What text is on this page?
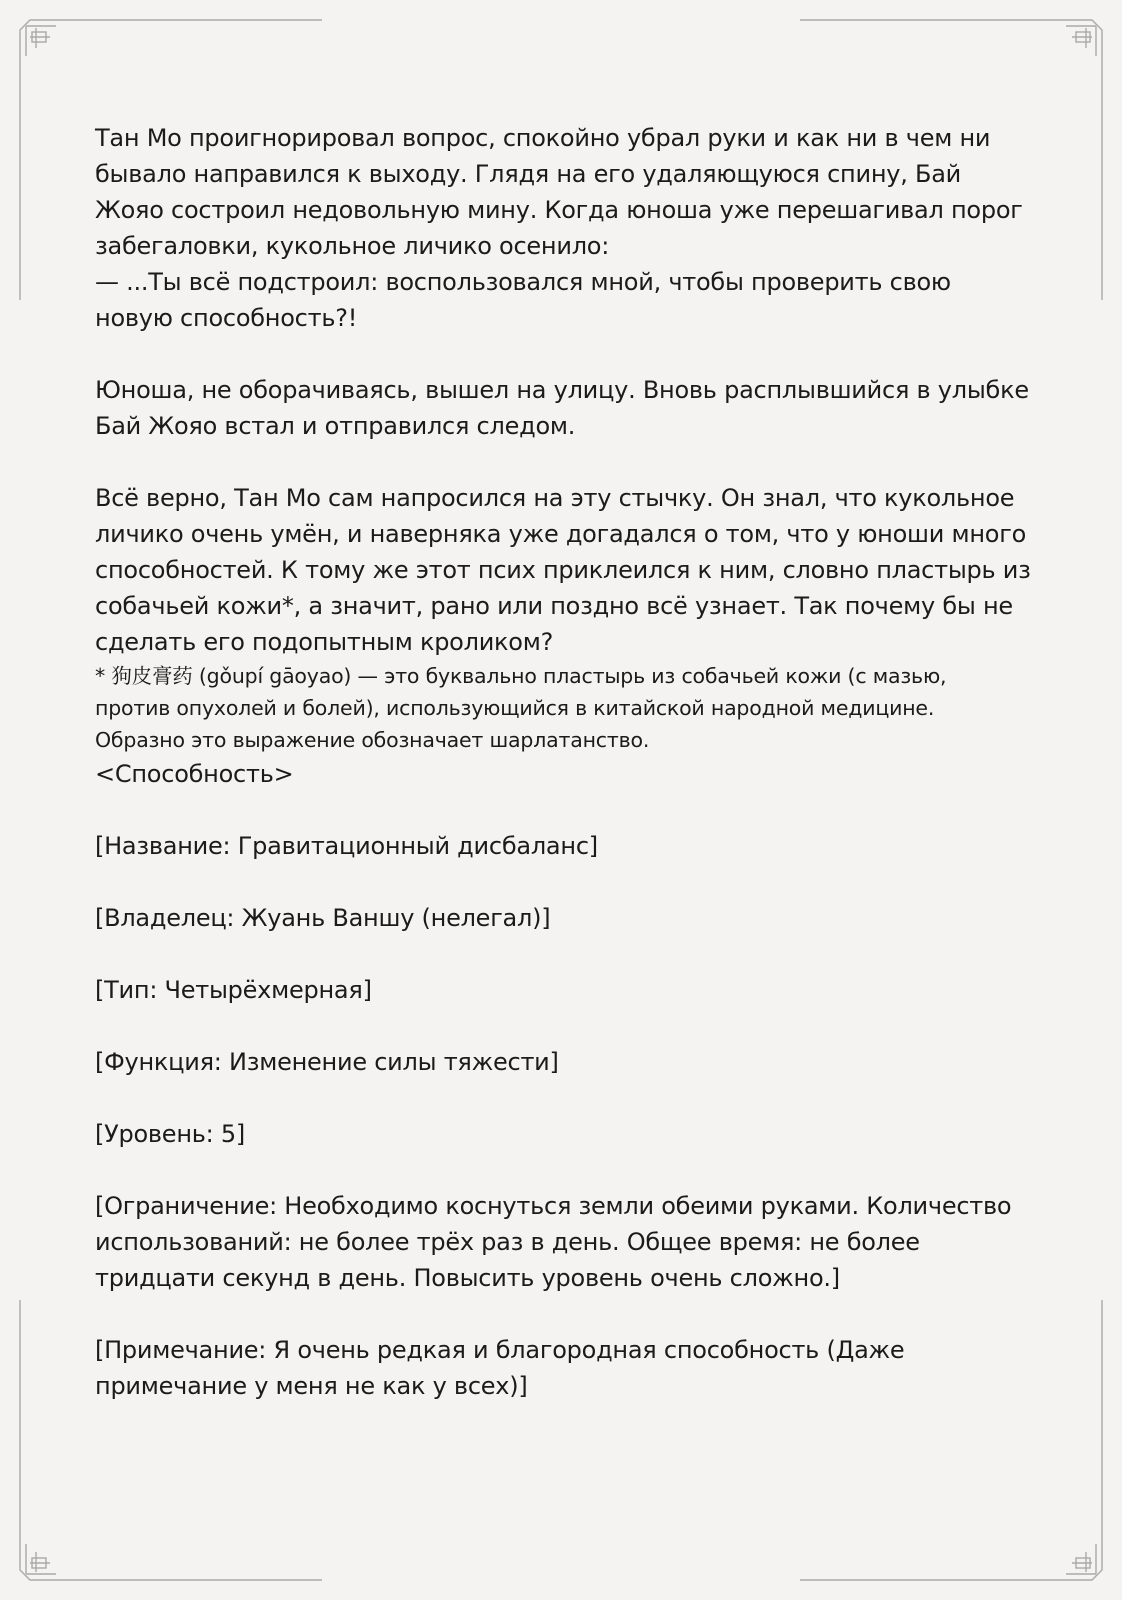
Тан Мо проигнорировал вопрос, спокойно убрал руки и как ни в чем ни бывало направился к выходу. Глядя на его удаляющуюся спину, Бай Жояо состроил недовольную мину. Когда юноша уже перешагивал порог забегаловки, кукольное личико осенило:

— ...Ты всё подстроил: воспользовался мной, чтобы проверить свою новую способность?!

Юноша, не оборачиваясь, вышел на улицу. Вновь расплывшийся в улыбке Бай Жояо встал и отправился следом.

Всё верно, Тан Мо сам напросился на эту стычку. Он знал, что кукольное личико очень умён, и наверняка уже догадался о том, что у юноши много способностей. К тому же этот псих приклеился к ним, словно пластырь из собачьей кожи*, а значит, рано или поздно всё узнает. Так почему бы не сделать его подопытным кроликом?

* 狗皮膏药 (gǒupí gāoyao) — это буквально пластырь из собачьей кожи (с мазью, против опухолей и болей), использующийся в китайской народной медицине. Образно это выражение обозначает шарлатанство.

<Способность>

[Название: Гравитационный дисбаланс]

[Владелец: Жуань Ваншу (нелегал)]

[Тип: Четырёхмерная]

[Функция: Изменение силы тяжести]

[Уровень: 5]

[Ограничение: Необходимо коснуться земли обеими руками. Количество использований: не более трёх раз в день. Общее время: не более тридцати секунд в день. Повысить уровень очень сложно.]

[Примечание: Я очень редкая и благородная способность (Даже примечание у меня не как у всех)]
